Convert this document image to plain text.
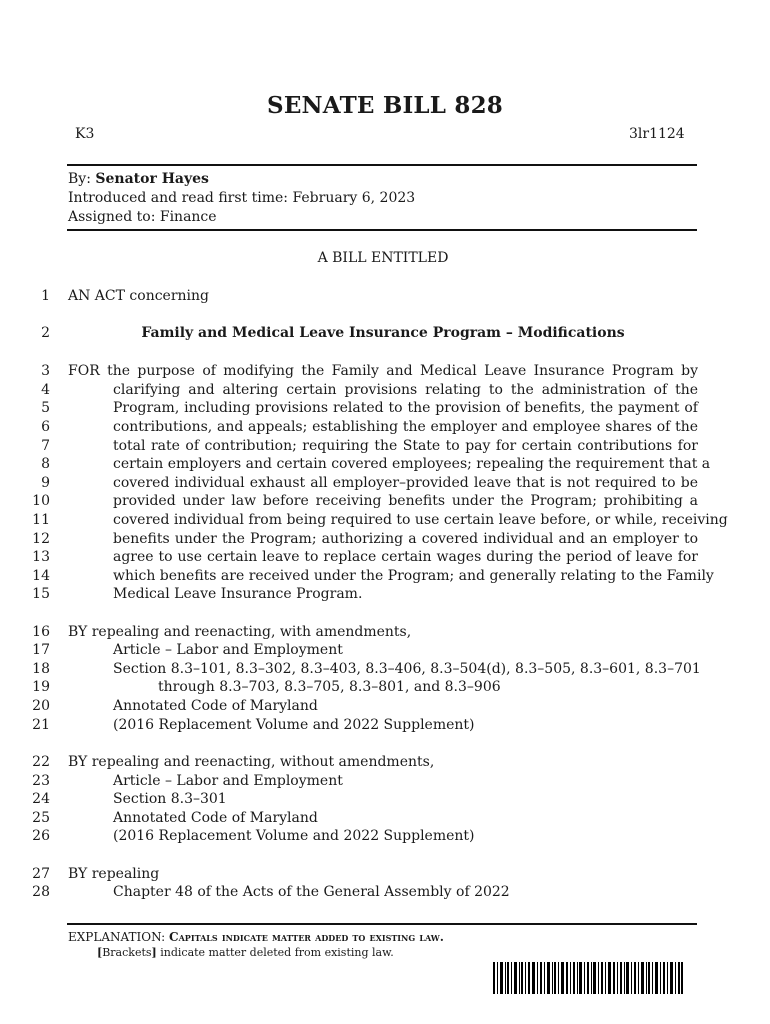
SENATE BILL 828
K3	3lr1124
By: Senator Hayes
Introduced and read first time: February 6, 2023
Assigned to: Finance
A BILL ENTITLED
1 AN ACT concerning
2	Family and Medical Leave Insurance Program – Modifications
3 FOR the purpose of modifying the Family and Medical Leave Insurance Program by
4	clarifying and altering certain provisions relating to the administration of the
5	Program, including provisions related to the provision of benefits, the payment of
6	contributions, and appeals; establishing the employer and employee shares of the
7	total rate of contribution; requiring the State to pay for certain contributions for
8	certain employers and certain covered employees; repealing the requirement that a
9	covered individual exhaust all employer–provided leave that is not required to be
10	provided under law before receiving benefits under the Program; prohibiting a
11	covered individual from being required to use certain leave before, or while, receiving
12	benefits under the Program; authorizing a covered individual and an employer to
13	agree to use certain leave to replace certain wages during the period of leave for
14	which benefits are received under the Program; and generally relating to the Family
15	Medical Leave Insurance Program.
16 BY repealing and reenacting, with amendments,
17	Article – Labor and Employment
18	Section 8.3–101, 8.3–302, 8.3–403, 8.3–406, 8.3–504(d), 8.3–505, 8.3–601, 8.3–701
19	through 8.3–703, 8.3–705, 8.3–801, and 8.3–906
20	Annotated Code of Maryland
21	(2016 Replacement Volume and 2022 Supplement)
22 BY repealing and reenacting, without amendments,
23	Article – Labor and Employment
24	Section 8.3–301
25	Annotated Code of Maryland
26	(2016 Replacement Volume and 2022 Supplement)
27 BY repealing
28	Chapter 48 of the Acts of the General Assembly of 2022
EXPLANATION: Capitals indicate matter added to existing law.
[Brackets] indicate matter deleted from existing law.
